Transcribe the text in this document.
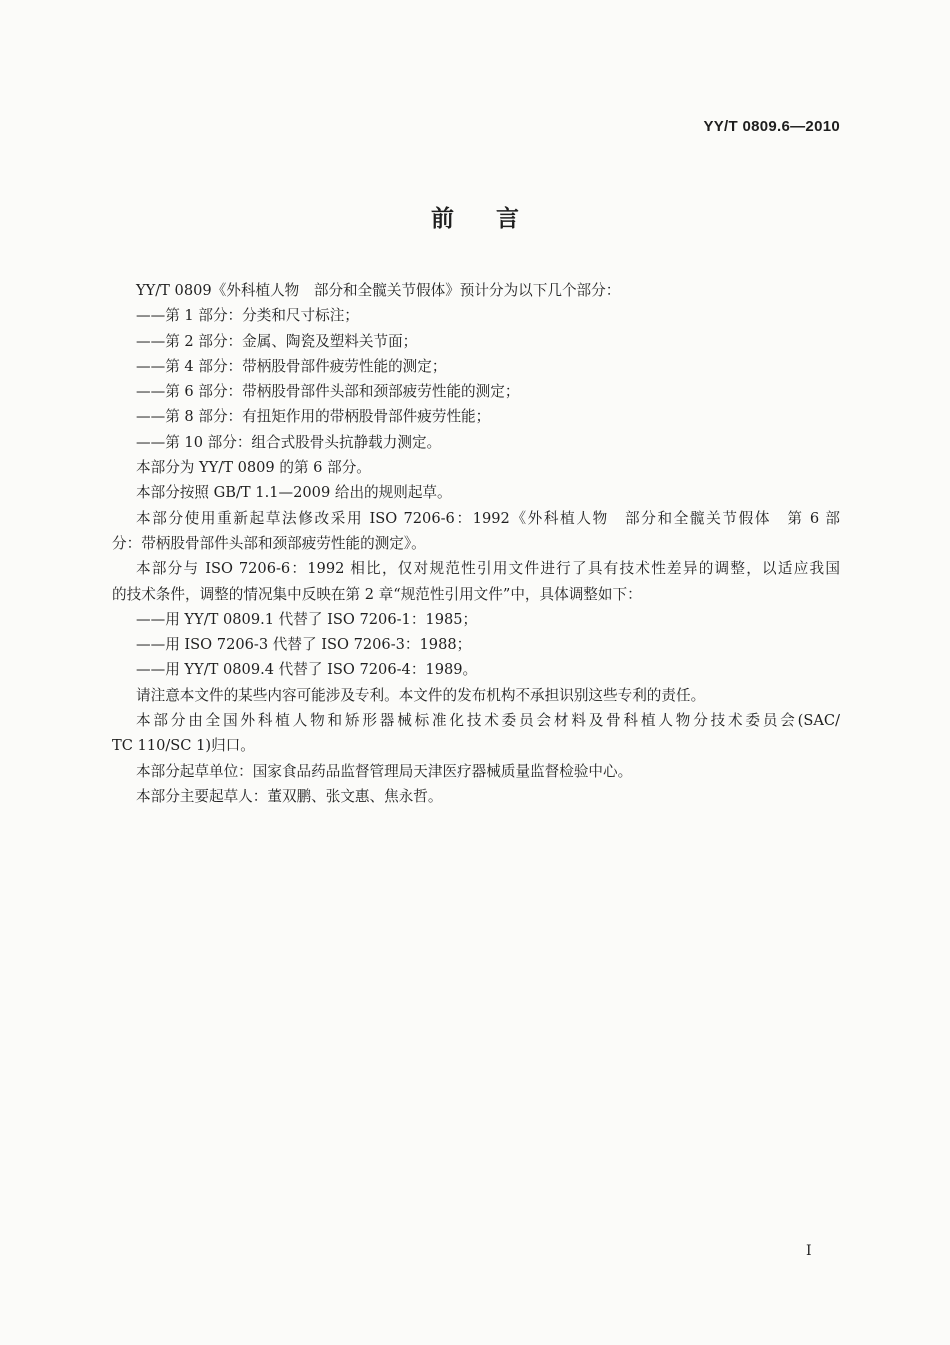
YY/T 0809.6—2010
前言
YY/T 0809《外科植人物　部分和全髋关节假体》预计分为以下几个部分：
——第 1 部分：分类和尺寸标注；
——第 2 部分：金属、陶瓷及塑料关节面；
——第 4 部分：带柄股骨部件疲劳性能的测定；
——第 6 部分：带柄股骨部件头部和颈部疲劳性能的测定；
——第 8 部分：有扭矩作用的带柄股骨部件疲劳性能；
——第 10 部分：组合式股骨头抗静载力测定。
本部分为 YY/T 0809 的第 6 部分。
本部分按照 GB/T 1.1—2009 给出的规则起草。
本部分使用重新起草法修改采用 ISO 7206-6：1992《外科植人物　部分和全髋关节假体　第 6 部
分：带柄股骨部件头部和颈部疲劳性能的测定》。
本部分与 ISO 7206-6：1992 相比，仅对规范性引用文件进行了具有技术性差异的调整，以适应我国
的技术条件，调整的情况集中反映在第 2 章“规范性引用文件”中，具体调整如下：
——用 YY/T 0809.1 代替了 ISO 7206-1：1985；
——用 ISO 7206-3 代替了 ISO 7206-3：1988；
——用 YY/T 0809.4 代替了 ISO 7206-4：1989。
请注意本文件的某些内容可能涉及专利。本文件的发布机构不承担识别这些专利的责任。
本部分由全国外科植人物和矫形器械标准化技术委员会材料及骨科植人物分技术委员会(SAC/
TC 110/SC 1)归口。
本部分起草单位：国家食品药品监督管理局天津医疗器械质量监督检验中心。
本部分主要起草人：董双鹏、张文惠、焦永哲。
I
